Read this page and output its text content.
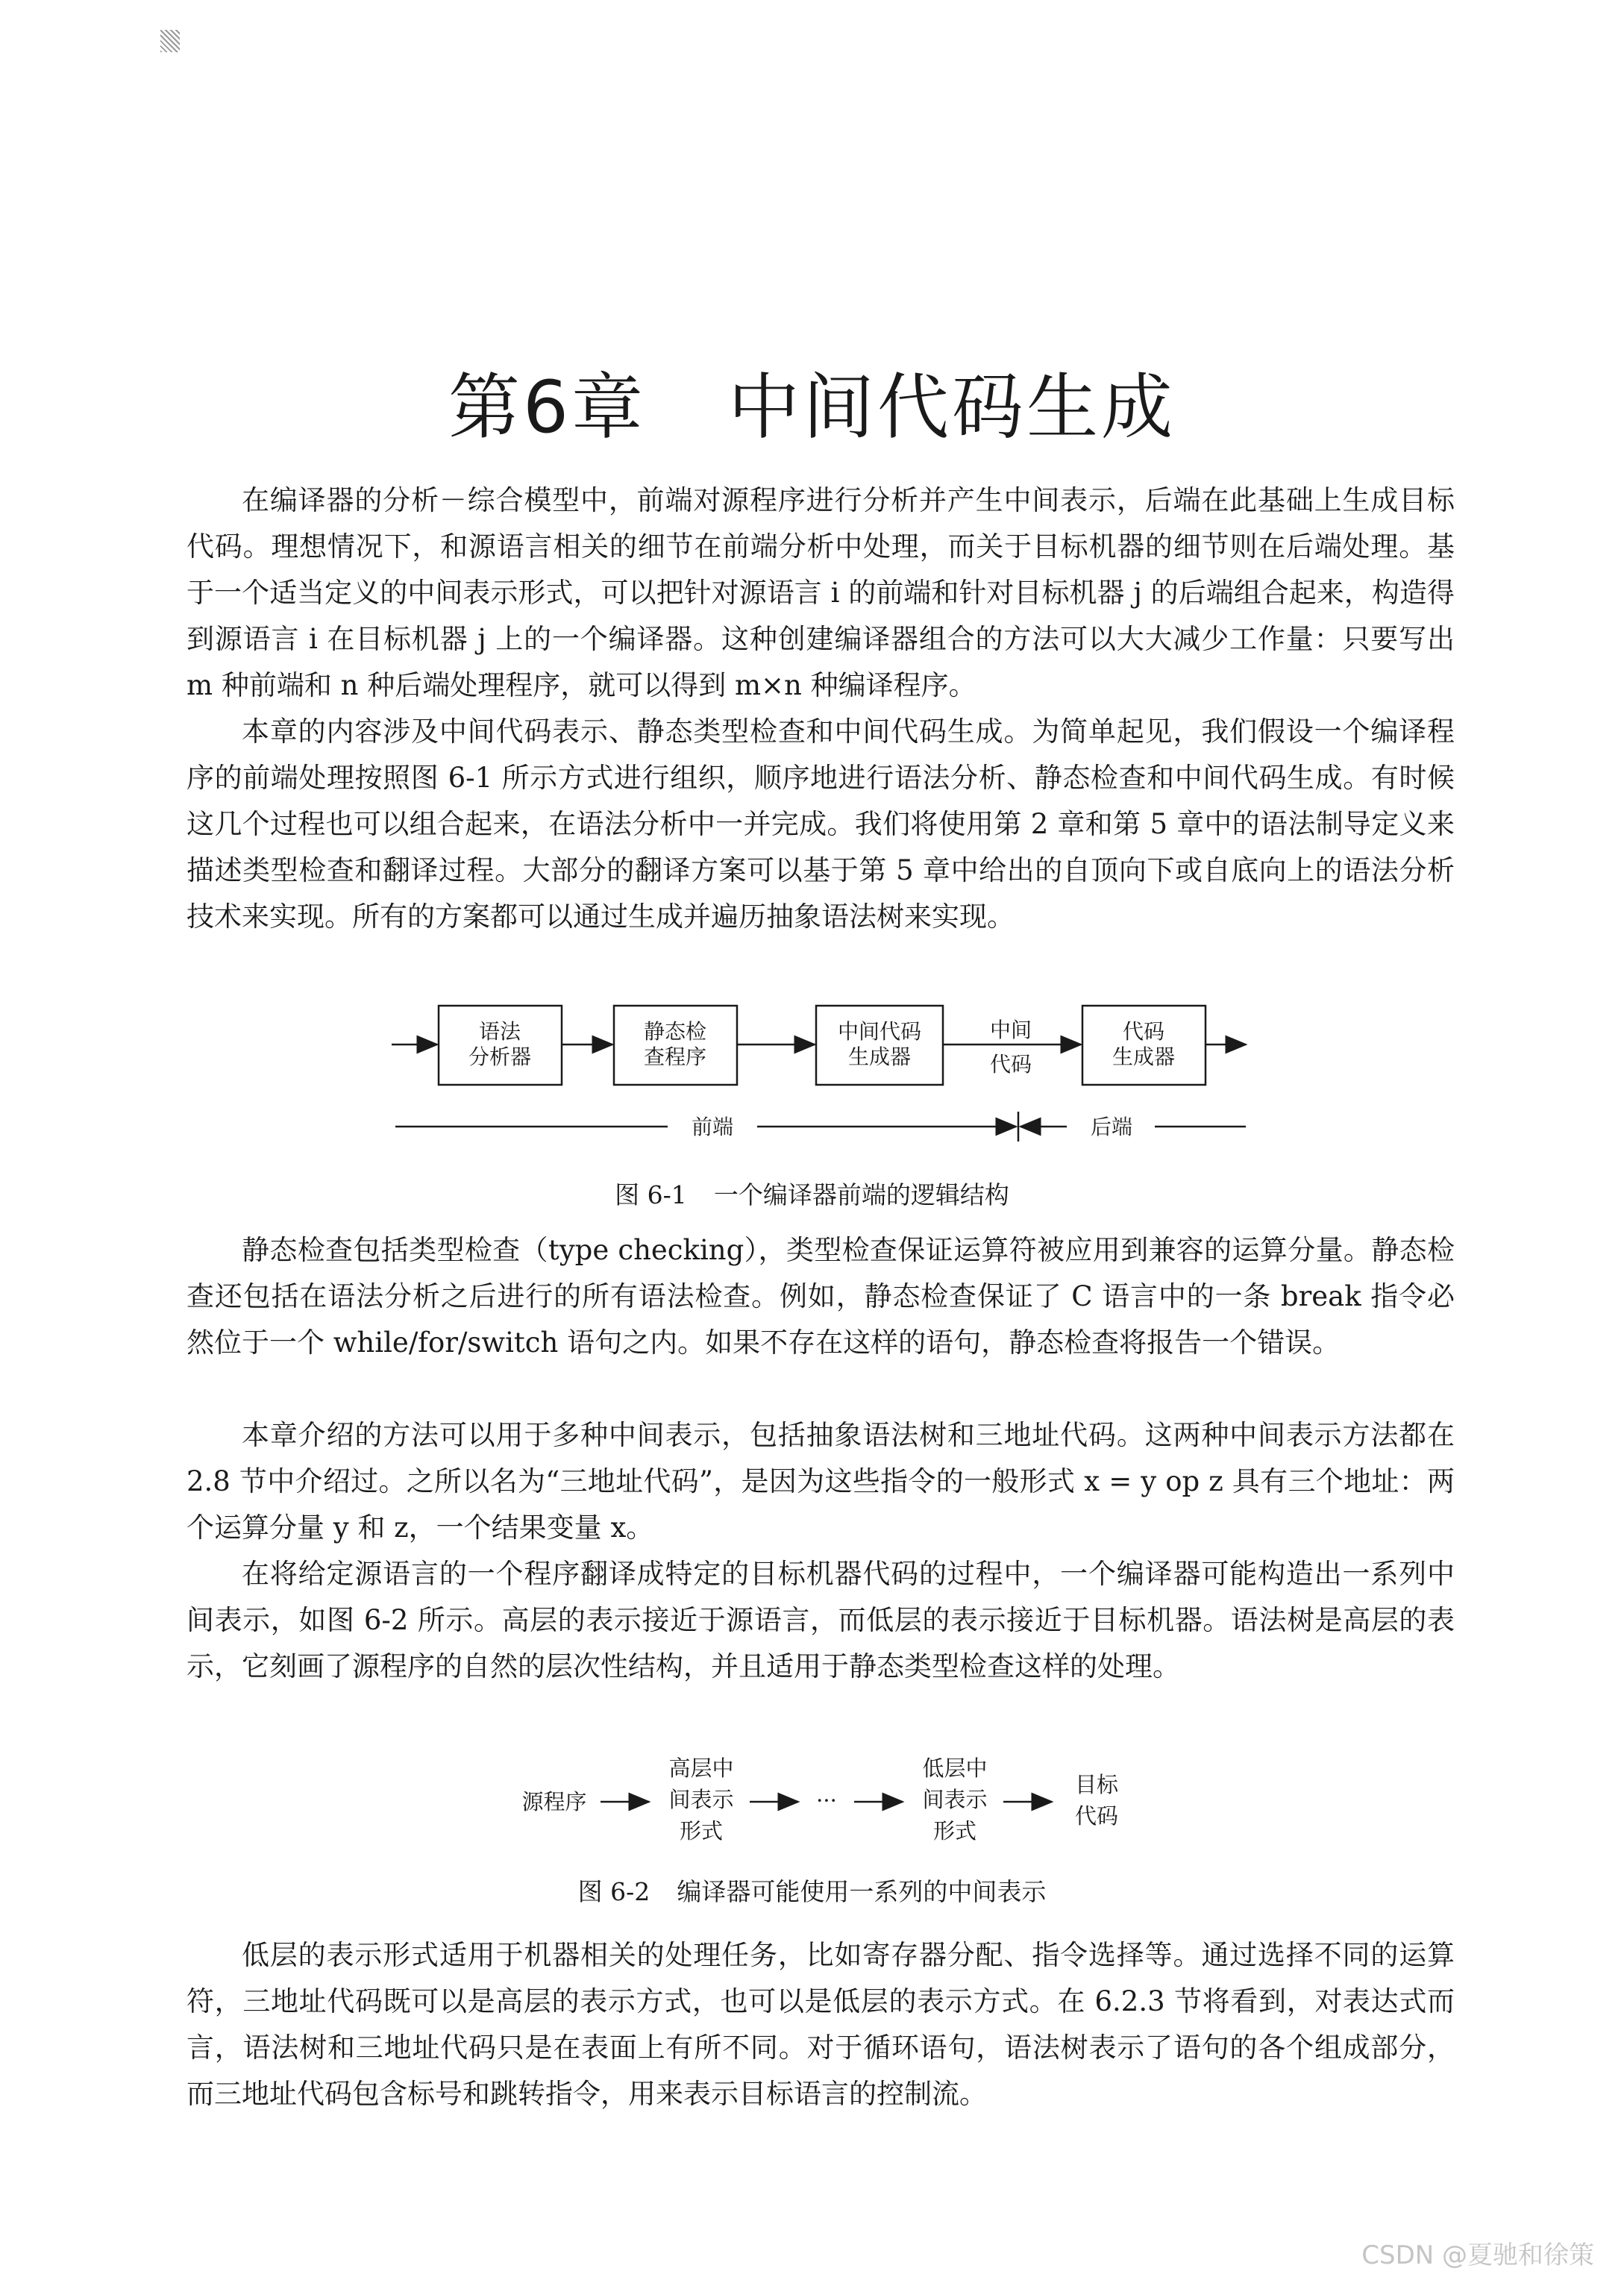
第6章 中间代码生成

在编译器的分析－综合模型中，前端对源程序进行分析并产生中间表示，后端在此基础上生成目标代码。理想情况下，和源语言相关的细节在前端分析中处理，而关于目标机器的细节则在后端处理。基于一个适当定义的中间表示形式，可以把针对源语言 i 的前端和针对目标机器 j 的后端组合起来，构造得到源语言 i 在目标机器 j 上的一个编译器。这种创建编译器组合的方法可以大大减少工作量：只要写出 m 种前端和 n 种后端处理程序，就可以得到 m×n 种编译程序。

本章的内容涉及中间代码表示、静态类型检查和中间代码生成。为简单起见，我们假设一个编译程序的前端处理按照图 6-1 所示方式进行组织，顺序地进行语法分析、静态检查和中间代码生成。有时候这几个过程也可以组合起来，在语法分析中一并完成。我们将使用第 2 章和第 5 章中的语法制导定义来描述类型检查和翻译过程。大部分的翻译方案可以基于第 5 章中给出的自顶向下或自底向上的语法分析技术来实现。所有的方案都可以通过生成并遍历抽象语法树来实现。

语法
分析器
静态检
查程序
中间代码
生成器
中间
代码
代码
生成器
前端	后端

图 6-1 一个编译器前端的逻辑结构

静态检查包括类型检查（type checking），类型检查保证运算符被应用到兼容的运算分量。静态检查还包括在语法分析之后进行的所有语法检查。例如，静态检查保证了 C 语言中的一条 break 指令必然位于一个 while/for/switch 语句之内。如果不存在这样的语句，静态检查将报告一个错误。

本章介绍的方法可以用于多种中间表示，包括抽象语法树和三地址代码。这两种中间表示方法都在 2.8 节中介绍过。之所以名为“三地址代码”，是因为这些指令的一般形式 x = y op z 具有三个地址：两个运算分量 y 和 z，一个结果变量 x。

在将给定源语言的一个程序翻译成特定的目标机器代码的过程中，一个编译器可能构造出一系列中间表示，如图 6-2 所示。高层的表示接近于源语言，而低层的表示接近于目标机器。语法树是高层的表示，它刻画了源程序的自然的层次性结构，并且适用于静态类型检查这样的处理。

源程序
高层中
间表示
形式
···
低层中
间表示
形式
目标
代码

图 6-2 编译器可能使用一系列的中间表示

低层的表示形式适用于机器相关的处理任务，比如寄存器分配、指令选择等。通过选择不同的运算符，三地址代码既可以是高层的表示方式，也可以是低层的表示方式。在 6.2.3 节将看到，对表达式而言，语法树和三地址代码只是在表面上有所不同。对于循环语句，语法树表示了语句的各个组成部分，而三地址代码包含标号和跳转指令，用来表示目标语言的控制流。

CSDN @夏驰和徐策
